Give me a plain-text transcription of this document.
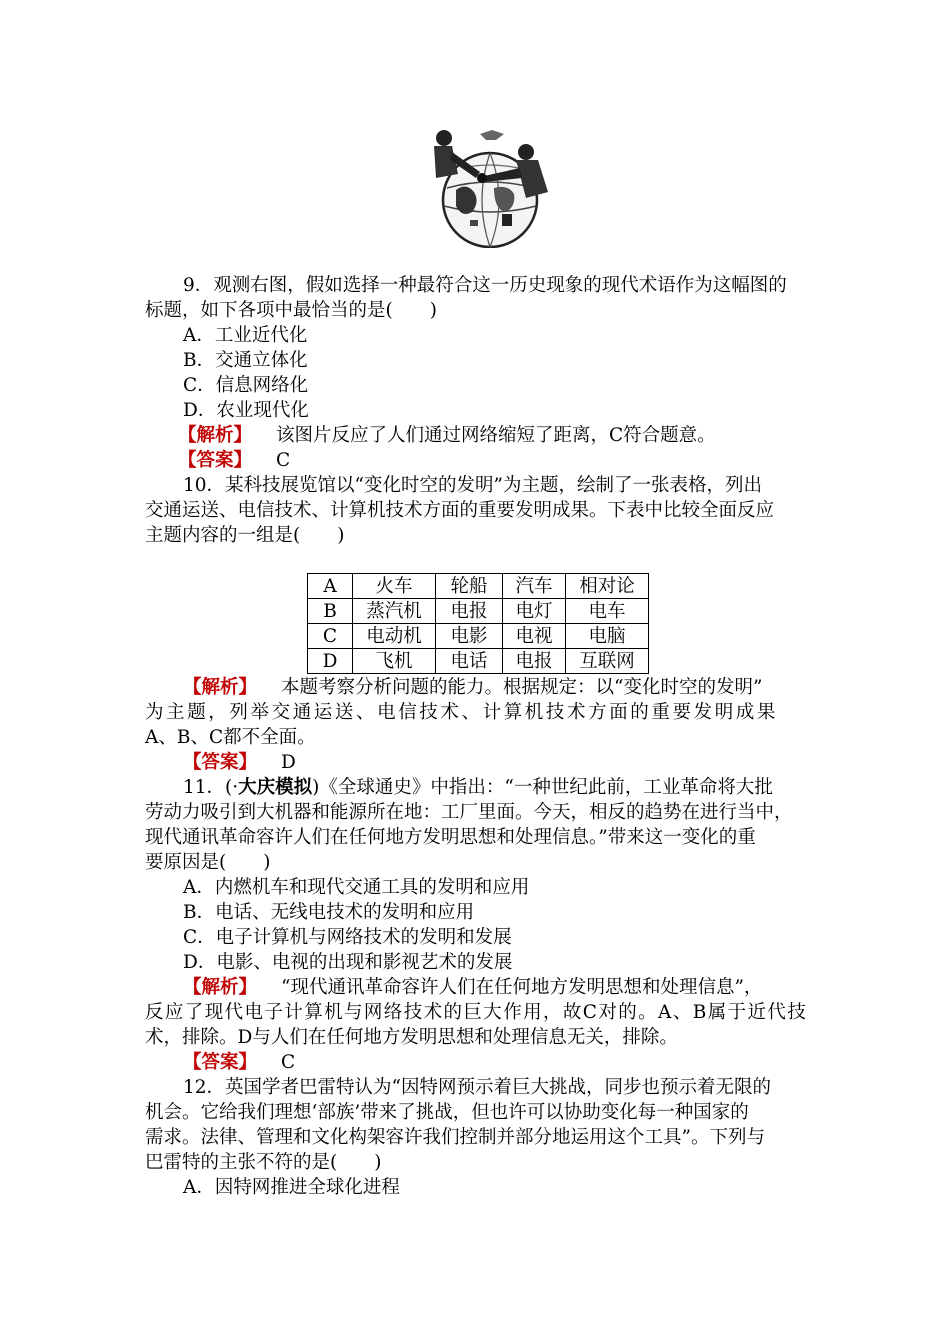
9．观测右图，假如选择一种最符合这一历史现象的现代术语作为这幅图的
标题，如下各项中最恰当的是(　　)
A．工业近代化
B．交通立体化
C．信息网络化
D．农业现代化
【解析】 该图片反应了人们通过网络缩短了距离，C符合题意。
【答案】 C
10．某科技展览馆以“变化时空的发明”为主题，绘制了一张表格，列出
交通运送、电信技术、计算机技术方面的重要发明成果。下表中比较全面反应
主题内容的一组是(　　)
A	火车	轮船	汽车	相对论
B	蒸汽机	电报	电灯	电车
C	电动机	电影	电视	电脑
D	飞机	电话	电报	互联网
【解析】 本题考察分析问题的能力。根据规定：以“变化时空的发明”
为主题，列举交通运送、电信技术、计算机技术方面的重要发明成果
A、B、C都不全面。
【答案】 D
11．(·大庆模拟)《全球通史》中指出：“一种世纪此前，工业革命将大批
劳动力吸引到大机器和能源所在地：工厂里面。今天，相反的趋势在进行当中，
现代通讯革命容许人们在任何地方发明思想和处理信息。”带来这一变化的重
要原因是(　　)
A．内燃机车和现代交通工具的发明和应用
B．电话、无线电技术的发明和应用
C．电子计算机与网络技术的发明和发展
D．电影、电视的出现和影视艺术的发展
【解析】 “现代通讯革命容许人们在任何地方发明思想和处理信息”，
反应了现代电子计算机与网络技术的巨大作用，故C对的。A、B属于近代技
术，排除。D与人们在任何地方发明思想和处理信息无关，排除。
【答案】 C
12．英国学者巴雷特认为“因特网预示着巨大挑战，同步也预示着无限的
机会。它给我们理想‘部族’带来了挑战，但也许可以协助变化每一种国家的
需求。法律、管理和文化构架容许我们控制并部分地运用这个工具”。下列与
巴雷特的主张不符的是(　　)
A．因特网推进全球化进程
